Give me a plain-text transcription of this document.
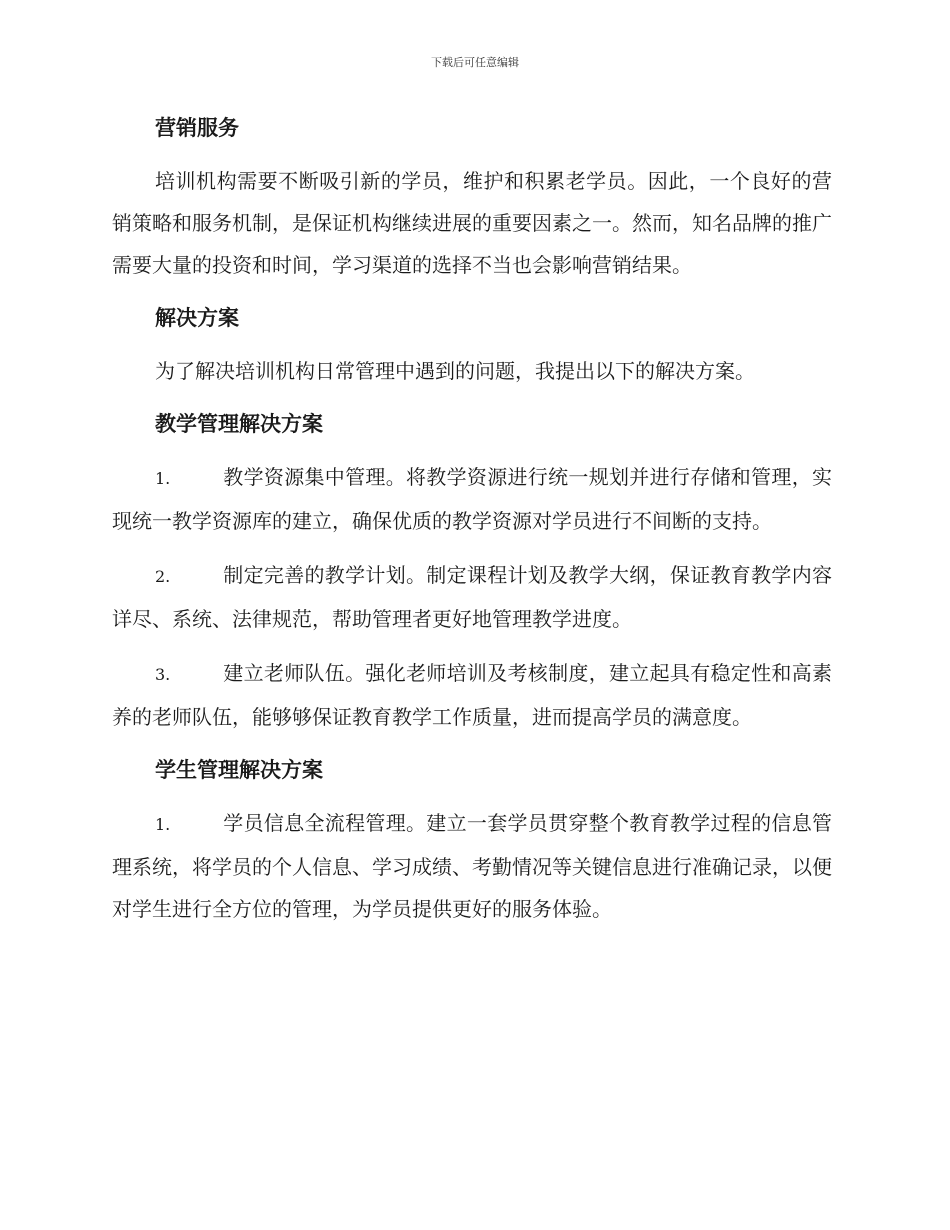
下载后可任意编辑
营销服务
培训机构需要不断吸引新的学员，维护和积累老学员。因此，一个良好的营销策略和服务机制，是保证机构继续进展的重要因素之一。然而，知名品牌的推广需要大量的投资和时间，学习渠道的选择不当也会影响营销结果。
解决方案
为了解决培训机构日常管理中遇到的问题，我提出以下的解决方案。
教学管理解决方案
1.	教学资源集中管理。将教学资源进行统一规划并进行存储和管理，实现统一教学资源库的建立，确保优质的教学资源对学员进行不间断的支持。
2.	制定完善的教学计划。制定课程计划及教学大纲，保证教育教学内容详尽、系统、法律规范，帮助管理者更好地管理教学进度。
3.	建立老师队伍。强化老师培训及考核制度，建立起具有稳定性和高素养的老师队伍，能够够保证教育教学工作质量，进而提高学员的满意度。
学生管理解决方案
1.	学员信息全流程管理。建立一套学员贯穿整个教育教学过程的信息管理系统，将学员的个人信息、学习成绩、考勤情况等关键信息进行准确记录，以便对学生进行全方位的管理，为学员提供更好的服务体验。
